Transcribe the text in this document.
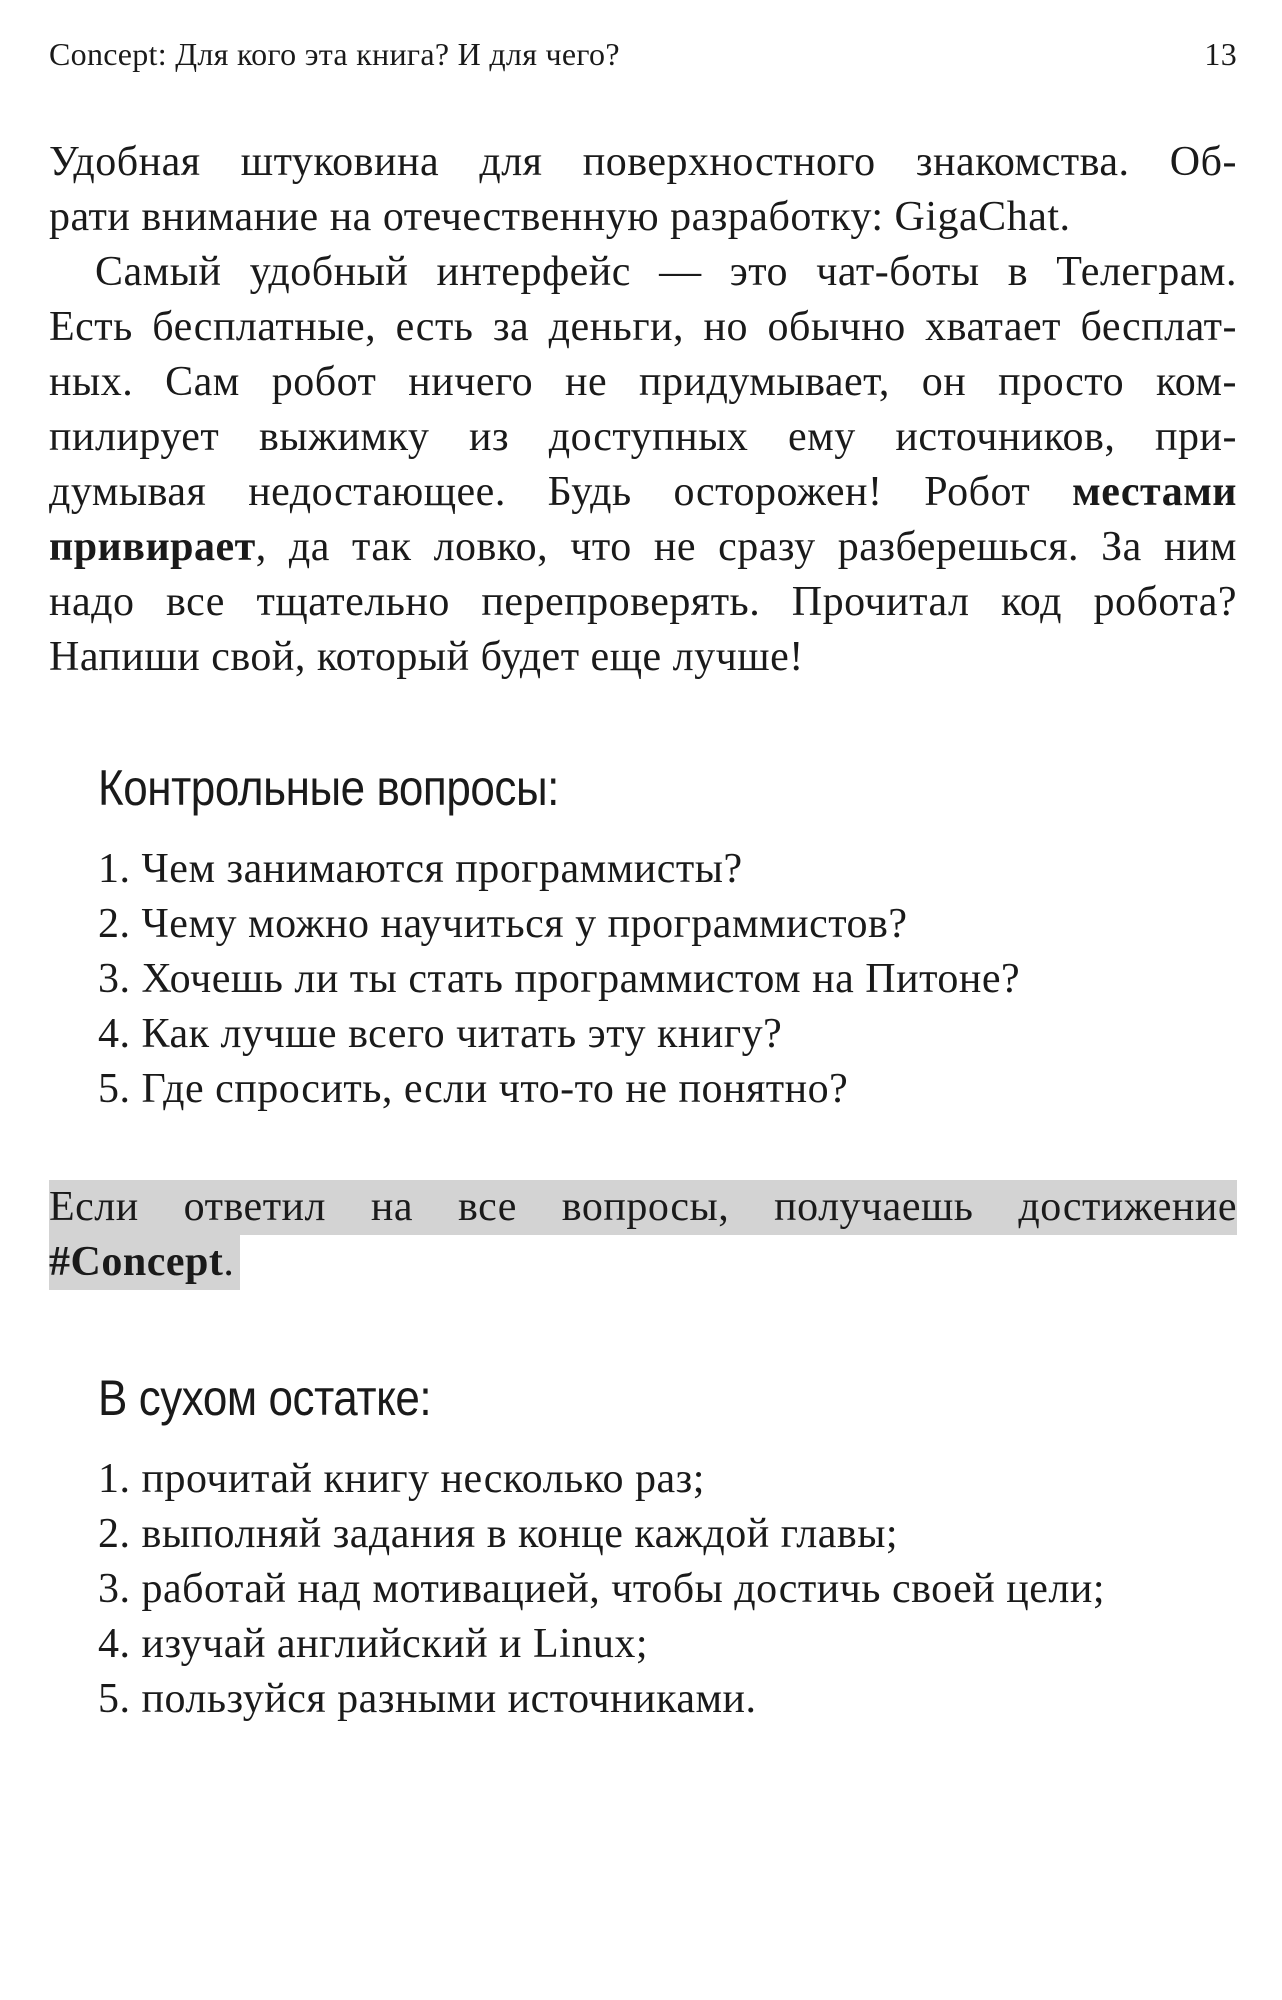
Concept: Для кого эта книга? И для чего?	13
Удобная штуковина для поверхностного знакомства. Об-
рати внимание на отечественную разработку: GigaChat.
Самый удобный интерфейс — это чат-боты в Телеграм.
Есть бесплатные, есть за деньги, но обычно хватает бесплат-
ных. Сам робот ничего не придумывает, он просто ком-
пилирует выжимку из доступных ему источников, при-
думывая недостающее. Будь осторожен! Робот местами
привирает, да так ловко, что не сразу разберешься. За ним
надо все тщательно перепроверять. Прочитал код робота?
Напиши свой, который будет еще лучше!
Контрольные вопросы:
1. Чем занимаются программисты?
2. Чему можно научиться у программистов?
3. Хочешь ли ты стать программистом на Питоне?
4. Как лучше всего читать эту книгу?
5. Где спросить, если что-то не понятно?
Если ответил на все вопросы, получаешь достижение
#Concept.
В сухом остатке:
1. прочитай книгу несколько раз;
2. выполняй задания в конце каждой главы;
3. работай над мотивацией, чтобы достичь своей цели;
4. изучай английский и Linux;
5. пользуйся разными источниками.
